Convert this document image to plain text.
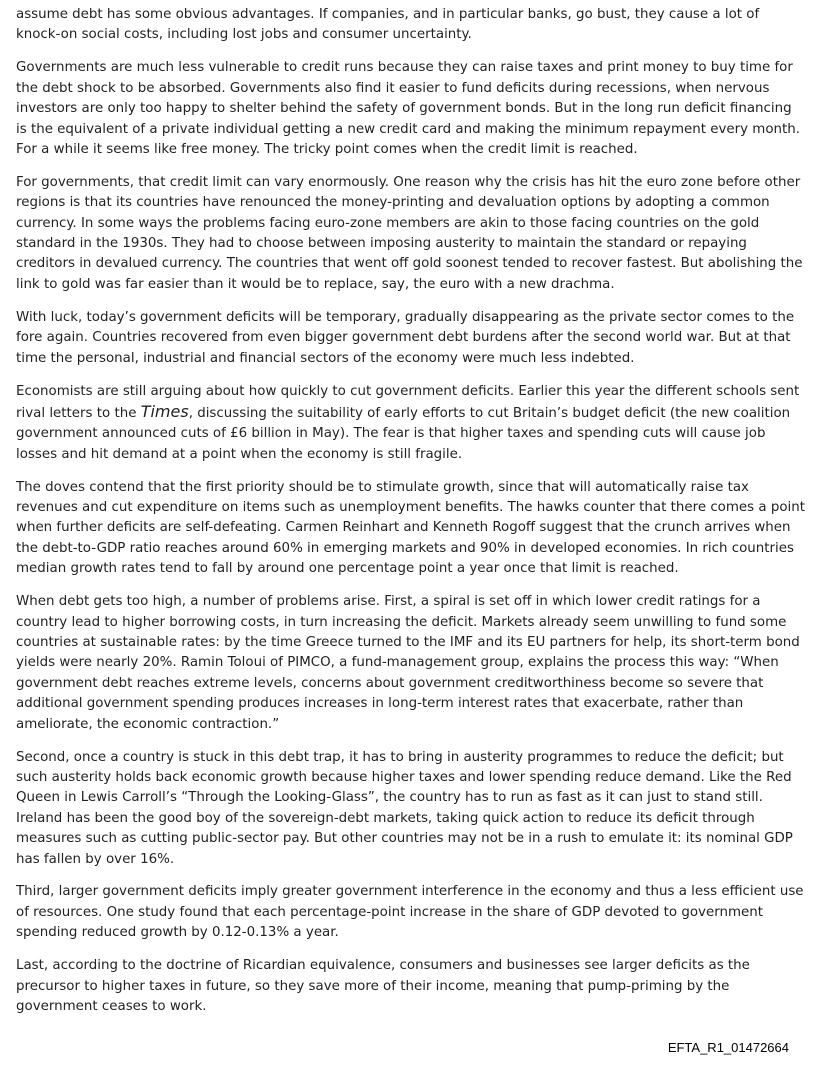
assume debt has some obvious advantages. If companies, and in particular banks, go bust, they cause a lot of knock-on social costs, including lost jobs and consumer uncertainty.

Governments are much less vulnerable to credit runs because they can raise taxes and print money to buy time for the debt shock to be absorbed. Governments also find it easier to fund deficits during recessions, when nervous investors are only too happy to shelter behind the safety of government bonds. But in the long run deficit financing is the equivalent of a private individual getting a new credit card and making the minimum repayment every month. For a while it seems like free money. The tricky point comes when the credit limit is reached.

For governments, that credit limit can vary enormously. One reason why the crisis has hit the euro zone before other regions is that its countries have renounced the money-printing and devaluation options by adopting a common currency. In some ways the problems facing euro-zone members are akin to those facing countries on the gold standard in the 1930s. They had to choose between imposing austerity to maintain the standard or repaying creditors in devalued currency. The countries that went off gold soonest tended to recover fastest. But abolishing the link to gold was far easier than it would be to replace, say, the euro with a new drachma.

With luck, today’s government deficits will be temporary, gradually disappearing as the private sector comes to the fore again. Countries recovered from even bigger government debt burdens after the second world war. But at that time the personal, industrial and financial sectors of the economy were much less indebted.

Economists are still arguing about how quickly to cut government deficits. Earlier this year the different schools sent rival letters to the Times, discussing the suitability of early efforts to cut Britain’s budget deficit (the new coalition government announced cuts of £6 billion in May). The fear is that higher taxes and spending cuts will cause job losses and hit demand at a point when the economy is still fragile.

The doves contend that the first priority should be to stimulate growth, since that will automatically raise tax revenues and cut expenditure on items such as unemployment benefits. The hawks counter that there comes a point when further deficits are self-defeating. Carmen Reinhart and Kenneth Rogoff suggest that the crunch arrives when the debt-to-GDP ratio reaches around 60% in emerging markets and 90% in developed economies. In rich countries median growth rates tend to fall by around one percentage point a year once that limit is reached.

When debt gets too high, a number of problems arise. First, a spiral is set off in which lower credit ratings for a country lead to higher borrowing costs, in turn increasing the deficit. Markets already seem unwilling to fund some countries at sustainable rates: by the time Greece turned to the IMF and its EU partners for help, its short-term bond yields were nearly 20%. Ramin Toloui of PIMCO, a fund-management group, explains the process this way: “When government debt reaches extreme levels, concerns about government creditworthiness become so severe that additional government spending produces increases in long-term interest rates that exacerbate, rather than ameliorate, the economic contraction.”

Second, once a country is stuck in this debt trap, it has to bring in austerity programmes to reduce the deficit; but such austerity holds back economic growth because higher taxes and lower spending reduce demand. Like the Red Queen in Lewis Carroll’s “Through the Looking-Glass”, the country has to run as fast as it can just to stand still. Ireland has been the good boy of the sovereign-debt markets, taking quick action to reduce its deficit through measures such as cutting public-sector pay. But other countries may not be in a rush to emulate it: its nominal GDP has fallen by over 16%.

Third, larger government deficits imply greater government interference in the economy and thus a less efficient use of resources. One study found that each percentage-point increase in the share of GDP devoted to government spending reduced growth by 0.12-0.13% a year.

Last, according to the doctrine of Ricardian equivalence, consumers and businesses see larger deficits as the precursor to higher taxes in future, so they save more of their income, meaning that pump-priming by the government ceases to work.

EFTA_R1_01472664
